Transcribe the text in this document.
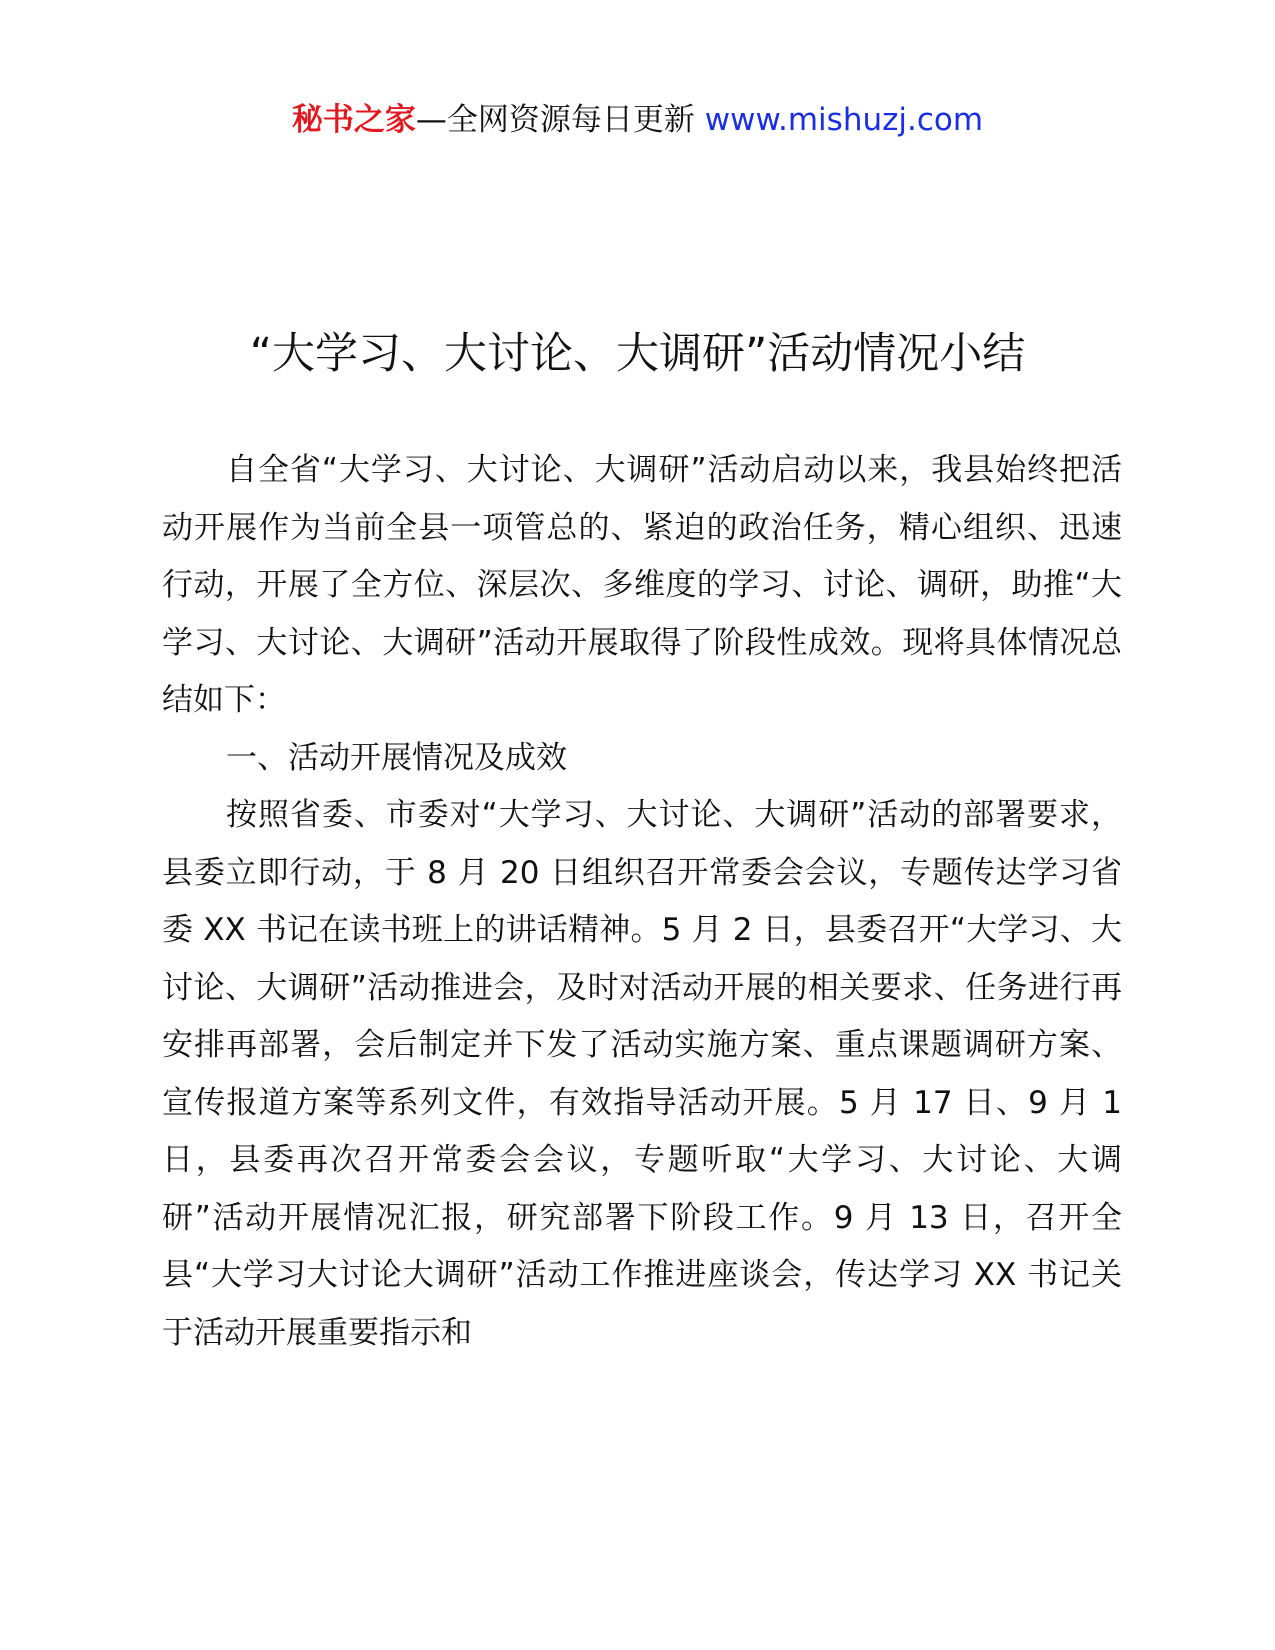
秘书之家—全网资源每日更新 www.mishuzj.com
“大学习、大讨论、大调研”活动情况小结

自全省“大学习、大讨论、大调研”活动启动以来，我县始终把活动开展作为当前全县一项管总的、紧迫的政治任务，精心组织、迅速行动，开展了全方位、深层次、多维度的学习、讨论、调研，助推“大学习、大讨论、大调研”活动开展取得了阶段性成效。现将具体情况总结如下：

一、活动开展情况及成效

按照省委、市委对“大学习、大讨论、大调研”活动的部署要求，县委立即行动，于 8 月 20 日组织召开常委会会议，专题传达学习省委 XX 书记在读书班上的讲话精神。5 月 2 日，县委召开“大学习、大讨论、大调研”活动推进会，及时对活动开展的相关要求、任务进行再安排再部署，会后制定并下发了活动实施方案、重点课题调研方案、宣传报道方案等系列文件，有效指导活动开展。5 月 17 日、9 月 1 日，县委再次召开常委会会议，专题听取“大学习、大讨论、大调研”活动开展情况汇报，研究部署下阶段工作。9 月 13 日，召开全县“大学习大讨论大调研”活动工作推进座谈会，传达学习 XX 书记关于活动开展重要指示和
